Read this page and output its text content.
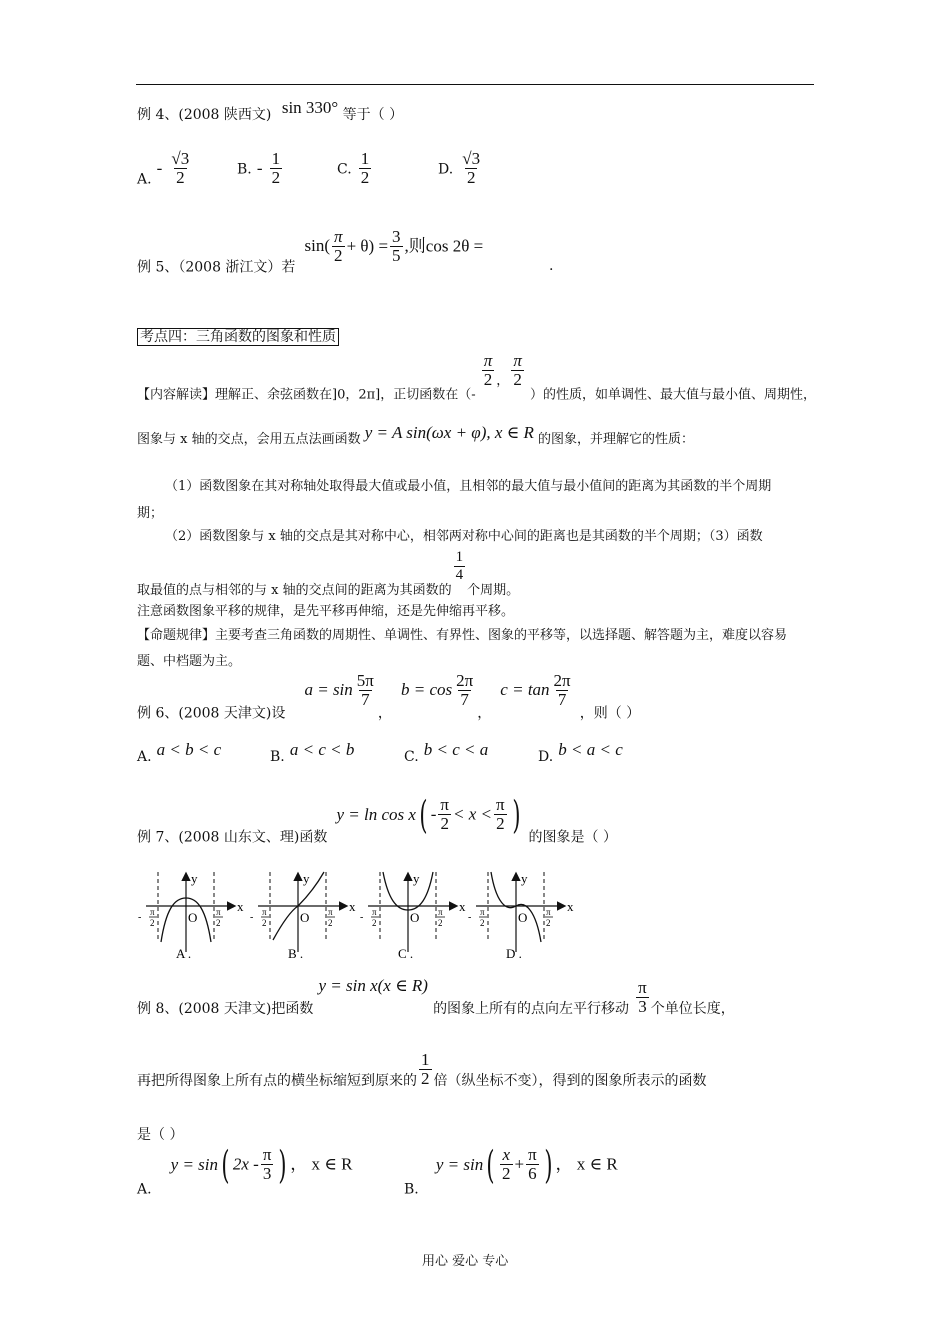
例 4、(2008 陕西文) sin 330° 等于（ ）
A. - $\frac{√3}{2}$	B. - $\frac{1}{2}$	C. $\frac{1}{2}$	D. $\frac{√3}{2}$
例 5、（2008 浙江文）若 $\sin( \frac{\pi}{2} + \theta) = \frac{3}{5}$ ,则cos 2θ =
.
考点四：三角函数的图象和性质
【内容解读】理解正、余弦函数在]0，2π]，正切函数在（-
$\frac{\pi}{2}$ ， $\frac{\pi}{2}$
）的性质，如单调性、最大值与最小值、周期性，
图象与 x 轴的交点，会用五点法画函数 y = A sin(ωx + φ), x ∈ R 的图象，并理解它的性质：
（1）函数图象在其对称轴处取得最大值或最小值，且相邻的最大值与最小值间的距离为其函数的半个周期
期；
（2）函数图象与 x 轴的交点是其对称中心，相邻两对称中心间的距离也是其函数的半个周期；（3）函数
取最值的点与相邻的与 x 轴的交点间的距离为其函数的
$\frac{1}{4}$
个周期。
注意函数图象平移的规律，是先平移再伸缩，还是先伸缩再平移。
【命题规律】主要考查三角函数的周期性、单调性、有界性、图象的平移等，以选择题、解答题为主，难度以容易
题、中档题为主。
例 6、(2008 天津文)设 $a = \sin \frac{5\pi}{7}$
， $b = \cos \frac{2\pi}{7}$
， $c = \tan \frac{2\pi}{7}$
，则（ ）
A. a < b < c	B. a < c < b	C. b < c < a	D. b < a < c
例 7、(2008 山东文、理)函数 $y = \ln \cos x( - \frac{\pi}{2} < x < \frac{\pi}{2}$ ) 的图象是（ ）
x
y
O
- π
2
π
2
A .
x
y
O
- π
2
π
2
B .
x
y
O
- π
2
π
2
C .
x
y
O
- π
2
π
2
D .
例 8、(2008 天津文)把函数 y = sin x(x ∈ R) 的图象上所有的点向左平行移动 $\frac{\pi}{3}$ 个单位长度，
再把所得图象上所有点的横坐标缩短到原来的 $\frac{1}{2}$ 倍（纵坐标不变），得到的图象所表示的函数
是（ ）
A. y = sin( $2x - \frac{\pi}{3}$ ) ， x ∈ R
B. $y = \sin( \frac{x}{2} + \frac{\pi}{6}$ ) ， x ∈ R
用心 爱心 专心
